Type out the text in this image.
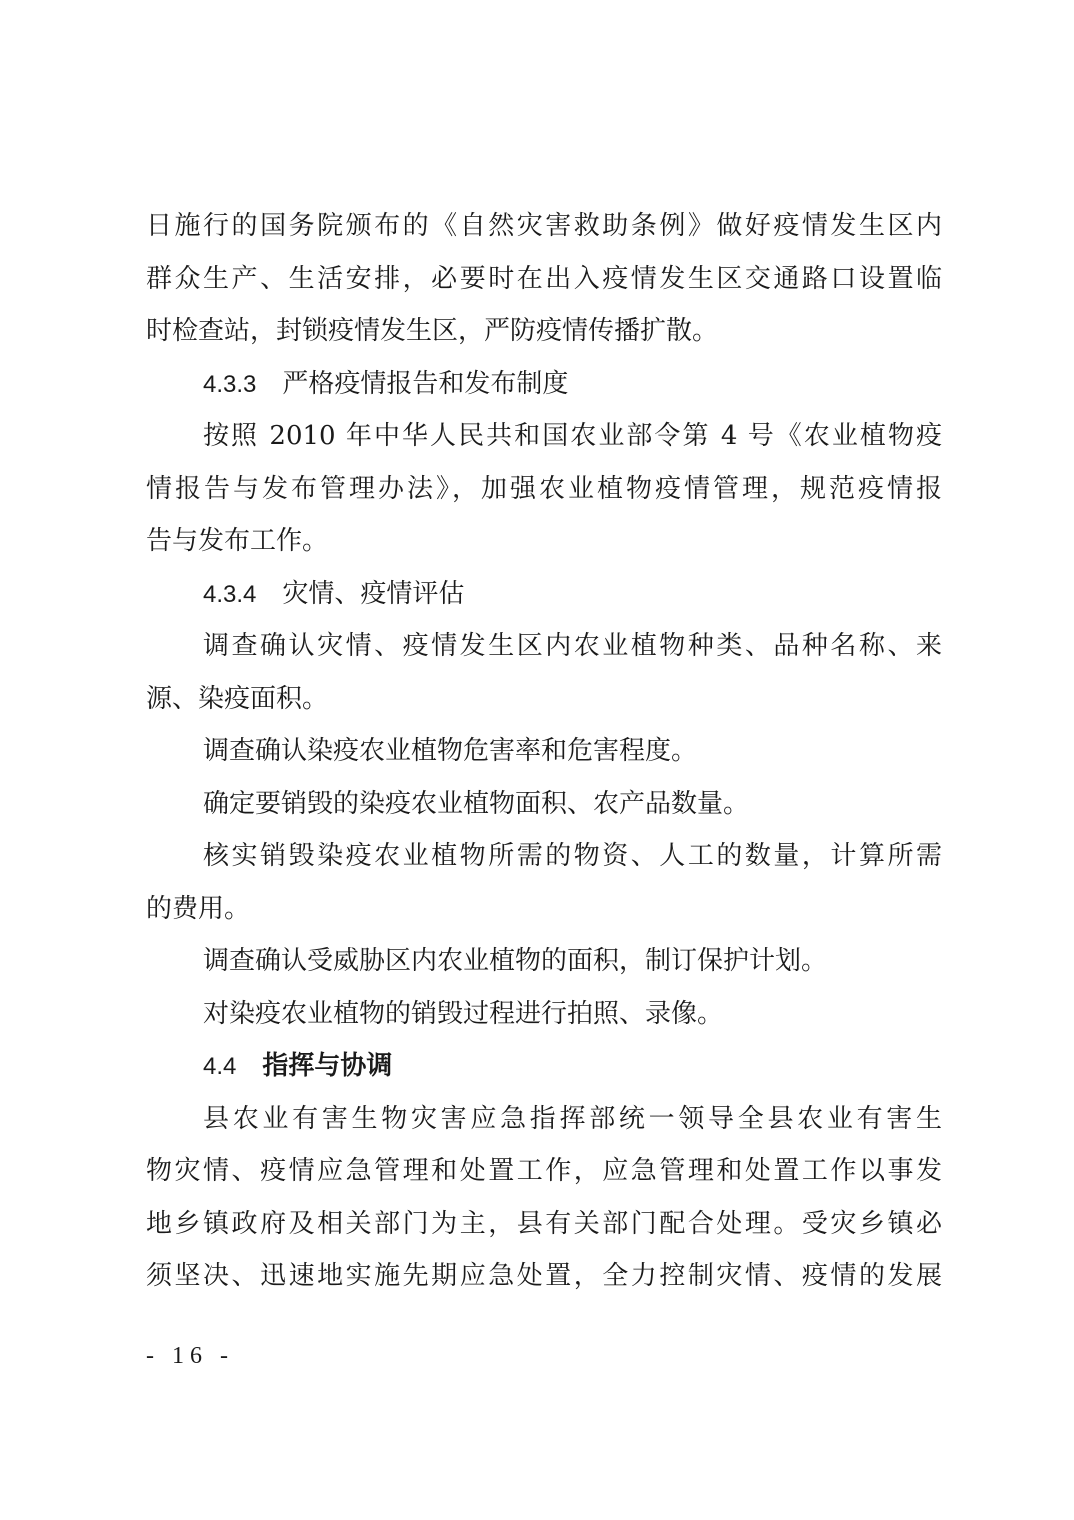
日施行的国务院颁布的《自然灾害救助条例》做好疫情发生区内
群众生产、生活安排，必要时在出入疫情发生区交通路口设置临
时检查站，封锁疫情发生区，严防疫情传播扩散。
4.3.3 严格疫情报告和发布制度
按照 2010 年中华人民共和国农业部令第 4 号《农业植物疫
情报告与发布管理办法》，加强农业植物疫情管理，规范疫情报
告与发布工作。
4.3.4 灾情、疫情评估
调查确认灾情、疫情发生区内农业植物种类、品种名称、来
源、染疫面积。
调查确认染疫农业植物危害率和危害程度。
确定要销毁的染疫农业植物面积、农产品数量。
核实销毁染疫农业植物所需的物资、人工的数量，计算所需
的费用。
调查确认受威胁区内农业植物的面积，制订保护计划。
对染疫农业植物的销毁过程进行拍照、录像。
4.4 指挥与协调
县农业有害生物灾害应急指挥部统一领导全县农业有害生
物灾情、疫情应急管理和处置工作，应急管理和处置工作以事发
地乡镇政府及相关部门为主，县有关部门配合处理。受灾乡镇必
须坚决、迅速地实施先期应急处置，全力控制灾情、疫情的发展
- 16 -
